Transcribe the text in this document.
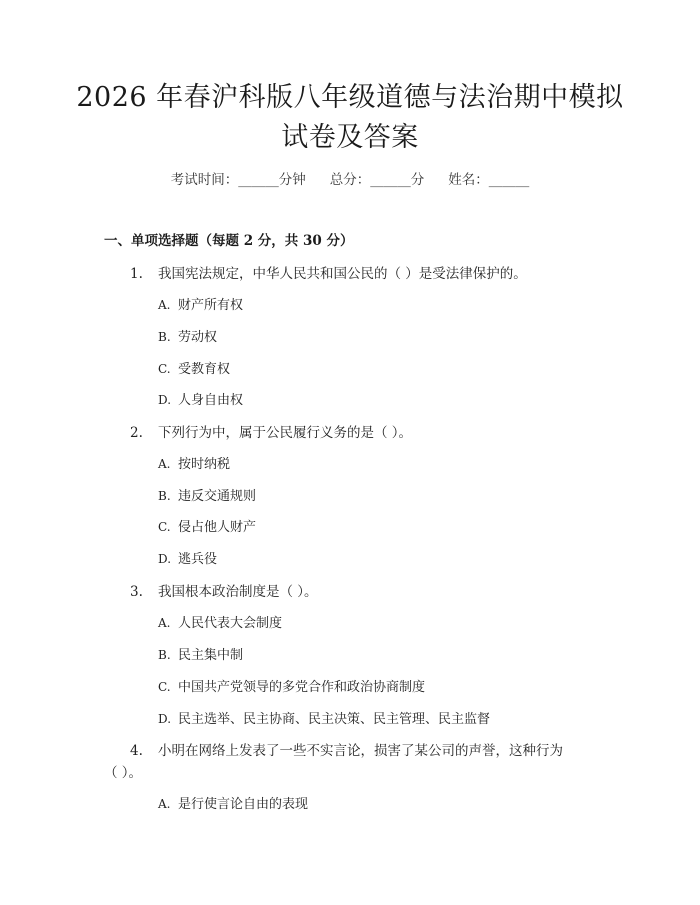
2026 年春沪科版八年级道德与法治期中模拟
试卷及答案
考试时间：______分钟 总分：______分 姓名：______
一、单项选择题（每题 2 分，共 30 分）
1. 我国宪法规定，中华人民共和国公民的（ ）是受法律保护的。
A. 财产所有权
B. 劳动权
C. 受教育权
D. 人身自由权
2. 下列行为中，属于公民履行义务的是（ ）。
A. 按时纳税
B. 违反交通规则
C. 侵占他人财产
D. 逃兵役
3. 我国根本政治制度是（ ）。
A. 人民代表大会制度
B. 民主集中制
C. 中国共产党领导的多党合作和政治协商制度
D. 民主选举、民主协商、民主决策、民主管理、民主监督
4. 小明在网络上发表了一些不实言论，损害了某公司的声誉，这种行为
（ ）。
A. 是行使言论自由的表现
